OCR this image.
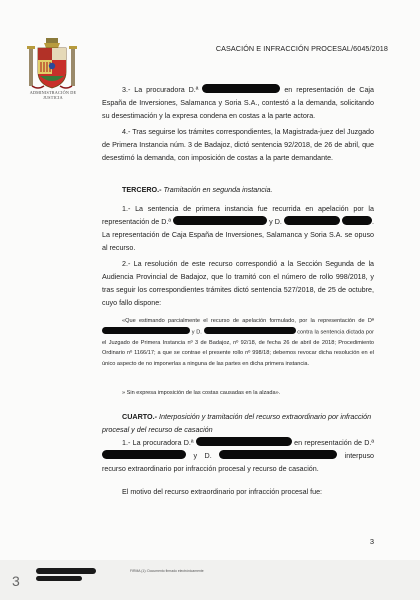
ADMINISTRACIÓN DE JUSTICIA
CASACIÓN E INFRACCIÓN PROCESAL/6045/2018

3.- La procuradora D.ª	en representación de Caja España de Inversiones, Salamanca y Soria S.A., contestó a la demanda, solicitando su desestimación y la expresa condena en costas a la parte actora.

4.- Tras seguirse los trámites correspondientes, la Magistrada-juez del Juzgado de Primera Instancia núm. 3 de Badajoz, dictó sentencia 92/2018, de 26 de abril, que desestimó la demanda, con imposición de costas a la parte demandante.

TERCERO.- Tramitación en segunda instancia.

1.- La sentencia de primera instancia fue recurrida en apelación por la representación de D.ª	y D.	. La representación de Caja España de Inversiones, Salamanca y Soria S.A. se opuso al recurso.

2.- La resolución de este recurso correspondió a la Sección Segunda de la Audiencia Provincial de Badajoz, que lo tramitó con el número de rollo 998/2018, y tras seguir los correspondientes trámites dictó sentencia 527/2018, de 25 de octubre, cuyo fallo dispone:

«Que estimando parcialmente el recurso de apelación formulado, por la representación de Dª  y D.	contra la sentencia dictada por el Juzgado de Primera Instancia nº 3 de Badajoz, nº 92/18, de fecha 26 de abril de 2018; Procedimiento Ordinario nº 1166/17; a que se contrae el presente rollo nº 998/18; debemos revocar dicha resolución en el único aspecto de no imponerlas a ninguna de las partes en dicha primera instancia.

» Sin expresa imposición de las costas causadas en la alzada».

CUARTO.- Interposición y tramitación del recurso extraordinario por infracción procesal y del recurso de casación

1.- La procuradora D.ª	en representación de D.ª  y D.	interpuso recurso extraordinario por infracción procesal y recurso de casación.

El motivo del recurso extraordinario por infracción procesal fue:

3
FIRMA (1): Documento firmado electrónicamente
3
